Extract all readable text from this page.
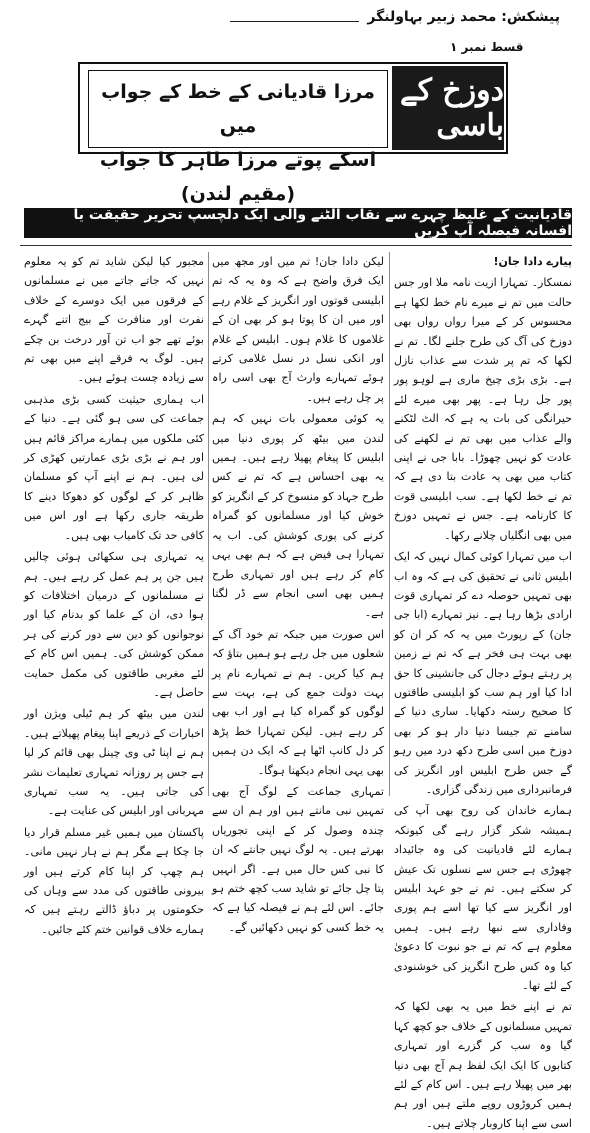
پیشکش: محمد زبیر بہاولنگر
قسط نمبر ١
مرزا قادیانی کے خط کے جواب میں
اسکے پوتے مرزا طاہر کا جواب (مقیم لندن)
دوزخ کے باسی
قادیانیت کے غلیظ چہرے سے نقاب الٹنے والی ایک دلچسپ تحریر حقیقت یا افسانہ فیصلہ آپ کریں

پیارے دادا جان!

نمسکار۔ تمہارا ازیت نامہ ملا اور جس حالت میں تم نے میرے نام خط لکھا ہے محسوس کر کے میرا رواں رواں بھی دوزخ کی آگ کی طرح جلنے لگا۔ تم نے لکھا کہ تم پر شدت سے عذاب نازل ہے۔ بڑی بڑی چیخ ماری ہے لوہو پور پور جل رہا ہے۔ پھر بھی میرے لئے حیرانگی کی بات یہ ہے کہ الٹ لٹکنے والے عذاب میں بھی تم نے لکھنے کی عادت کو نہیں چھوڑا۔ بابا جی نے اپنی کتاب میں بھی یہ عادت بتا دی ہے کہ تم نے خط لکھا ہے۔ سب ابلیسی قوت کا کارنامہ ہے۔ جس نے تمہیں دوزخ میں بھی انگلیاں چلانے رکھا۔

اب میں تمہارا کوئی کمال نہیں کہ ایک ابلیس ثانی نے تحقیق کی ہے کہ وہ اب بھی تمہیں حوصلہ دے کر تمہاری قوت ارادی بڑھا رہا ہے۔ نیز تمہارے (ابا جی جان) کے رپورٹ میں یہ کہ کر ان کو بھی بہت ہی فخر ہے کہ تم نے زمین پر رہتے ہوئے دجال کی جانشینی کا حق ادا کیا اور ہم سب کو ابلیسی طاقتوں کا صحیح رستہ دکھایا۔ ساری دنیا کے سامنے تم جیسا دنیا دار ہو کر بھی دوزخ میں اسی طرح دکھ درد میں رہو گے جس طرح ابلیس اور انگریز کی فرمانبرداری میں زندگی گزاری۔

ہمارے خاندان کی روح بھی آپ کی ہمیشہ شکر گزار رہے گی کیونکہ ہمارے لئے قادیانیت کی وہ جائیداد چھوڑی ہے جس سے نسلوں تک عیش کر سکتے ہیں۔ تم نے جو عہد ابلیس اور انگریز سے کیا تھا اسے ہم پوری وفاداری سے نبھا رہے ہیں۔ ہمیں معلوم ہے کہ تم نے جو نبوت کا دعویٰ کیا وہ کس طرح انگریز کی خوشنودی کے لئے تھا۔

تم نے اپنے خط میں یہ بھی لکھا کہ تمہیں مسلمانوں کے خلاف جو کچھ کہا گیا وہ سب کر گزرے اور تمہاری کتابوں کا ایک ایک لفظ ہم آج بھی دنیا بھر میں پھیلا رہے ہیں۔ اس کام کے لئے ہمیں کروڑوں روپے ملتے ہیں اور ہم اسی سے اپنا کاروبار چلاتے ہیں۔

لیکن دادا جان! تم میں اور مجھ میں ایک فرق واضح ہے کہ وہ یہ کہ تم ابلیسی قوتوں اور انگریز کے غلام رہے اور میں ان کا پوتا ہو کر بھی ان کے غلاموں کا غلام ہوں۔ ابلیس کے غلام اور انکی نسل در نسل غلامی کرتے ہوئے تمہارے وارث آج بھی اسی راہ پر چل رہے ہیں۔

یہ کوئی معمولی بات نہیں کہ ہم لندن میں بیٹھ کر پوری دنیا میں ابلیس کا پیغام پھیلا رہے ہیں۔ ہمیں یہ بھی احساس ہے کہ تم نے کس طرح جہاد کو منسوخ کر کے انگریز کو خوش کیا اور مسلمانوں کو گمراہ کرنے کی پوری کوشش کی۔ اب یہ تمہارا ہی فیض ہے کہ ہم بھی یہی کام کر رہے ہیں اور تمہاری طرح ہمیں بھی اسی انجام سے ڈر لگتا ہے۔

اس صورت میں جبکہ تم خود آگ کے شعلوں میں جل رہے ہو ہمیں بتاؤ کہ ہم کیا کریں۔ ہم نے تمہارے نام پر بہت دولت جمع کی ہے، بہت سے لوگوں کو گمراہ کیا ہے اور اب بھی کر رہے ہیں۔ لیکن تمہارا خط پڑھ کر دل کانپ اٹھا ہے کہ ایک دن ہمیں بھی یہی انجام دیکھنا ہوگا۔

تمہاری جماعت کے لوگ آج بھی تمہیں نبی مانتے ہیں اور ہم ان سے چندہ وصول کر کے اپنی تجوریاں بھرتے ہیں۔ یہ لوگ نہیں جانتے کہ ان کا نبی کس حال میں ہے۔ اگر انہیں پتا چل جائے تو شاید سب کچھ ختم ہو جائے۔ اس لئے ہم نے فیصلہ کیا ہے کہ یہ خط کسی کو نہیں دکھائیں گے۔

مجبور کیا لیکن شاید تم کو یہ معلوم نہیں کہ جاتے جاتے میں نے مسلمانوں کے فرقوں میں ایک دوسرے کے خلاف نفرت اور منافرت کے بیج اتنے گہرے بوئے تھے جو اب تن آور درخت بن چکے ہیں۔ لوگ یہ فرقے اپنے میں بھی تم سے زیادہ چست ہوئے ہیں۔

اب ہماری حیثیت کسی بڑی مذہبی جماعت کی سی ہو گئی ہے۔ دنیا کے کئی ملکوں میں ہمارے مراکز قائم ہیں اور ہم نے بڑی بڑی عمارتیں کھڑی کر لی ہیں۔ ہم نے اپنے آپ کو مسلمان ظاہر کر کے لوگوں کو دھوکا دینے کا طریقہ جاری رکھا ہے اور اس میں کافی حد تک کامیاب بھی ہیں۔

یہ تمہاری ہی سکھائی ہوئی چالیں ہیں جن پر ہم عمل کر رہے ہیں۔ ہم نے مسلمانوں کے درمیان اختلافات کو ہوا دی، ان کے علما کو بدنام کیا اور نوجوانوں کو دین سے دور کرنے کی ہر ممکن کوشش کی۔ ہمیں اس کام کے لئے مغربی طاقتوں کی مکمل حمایت حاصل ہے۔

لندن میں بیٹھ کر ہم ٹیلی ویژن اور اخبارات کے ذریعے اپنا پیغام پھیلاتے ہیں۔ ہم نے اپنا ٹی وی چینل بھی قائم کر لیا ہے جس پر روزانہ تمہاری تعلیمات نشر کی جاتی ہیں۔ یہ سب تمہاری مہربانی اور ابلیس کی عنایت ہے۔

پاکستان میں ہمیں غیر مسلم قرار دیا جا چکا ہے مگر ہم نے ہار نہیں مانی۔ ہم چھپ کر اپنا کام کرتے ہیں اور بیرونی طاقتوں کی مدد سے وہاں کی حکومتوں پر دباؤ ڈالتے رہتے ہیں کہ ہمارے خلاف قوانین ختم کئے جائیں۔
